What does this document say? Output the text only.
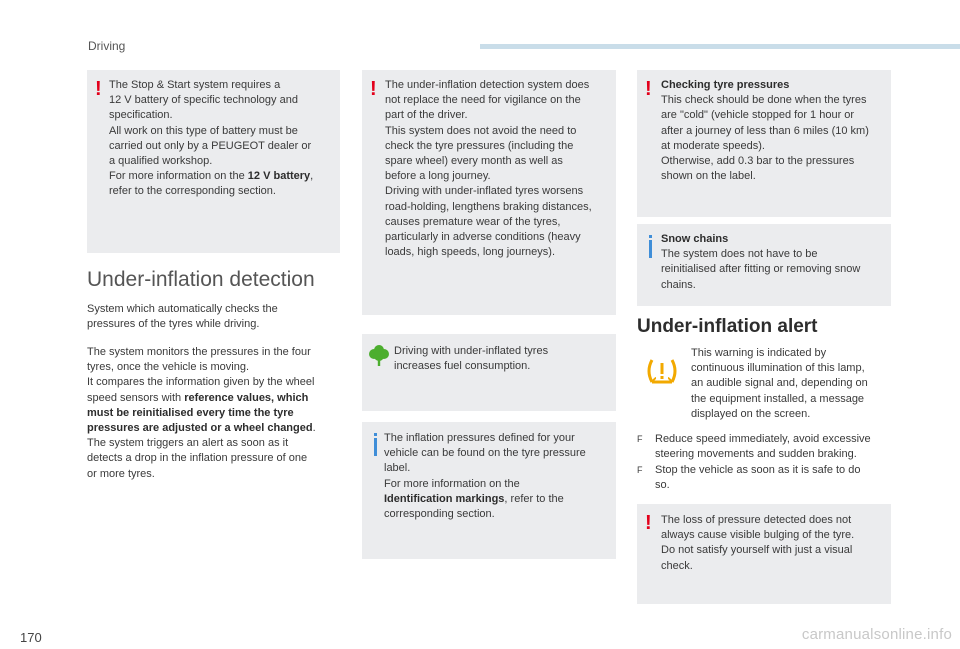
Driving
! The Stop & Start system requires a

12 V battery of specific technology and

specification.

All work on this type of battery must be

carried out only by a PEUGEOT dealer or

a qualified workshop.

For more information on the 12 V battery,

refer to the corresponding section.

Under-inflation detection

System which automatically checks the

pressures of the tyres while driving.

The system monitors the pressures in the four

tyres, once the vehicle is moving.

It compares the information given by the wheel

speed sensors with reference values, which

must be reinitialised every time the tyre

pressures are adjusted or a wheel changed.

The system triggers an alert as soon as it

detects a drop in the inflation pressure of one

or more tyres.

! The under-inflation detection system does

not replace the need for vigilance on the

part of the driver.

This system does not avoid the need to

check the tyre pressures (including the

spare wheel) every month as well as

before a long journey.

Driving with under-inflated tyres worsens

road-holding, lengthens braking distances,

causes premature wear of the tyres,

particularly in adverse conditions (heavy

loads, high speeds, long journeys).

Driving with under-inflated tyres

increases fuel consumption.

The inflation pressures defined for your

vehicle can be found on the tyre pressure

label.

For more information on the

Identification markings, refer to the

corresponding section.

! Checking tyre pressures

This check should be done when the tyres

are "cold" (vehicle stopped for 1 hour or

after a journey of less than 6 miles (10 km)

at moderate speeds).

Otherwise, add 0.3 bar to the pressures

shown on the label.

Snow chains

The system does not have to be

reinitialised after fitting or removing snow

chains.

Under-inflation alert

This warning is indicated by

continuous illumination of this lamp,

an audible signal and, depending on

the equipment installed, a message

displayed on the screen.

F Reduce speed immediately, avoid excessive

steering movements and sudden braking.

F Stop the vehicle as soon as it is safe to do

so.

! The loss of pressure detected does not

always cause visible bulging of the tyre.

Do not satisfy yourself with just a visual

check.

170	carmanualsonline.info
